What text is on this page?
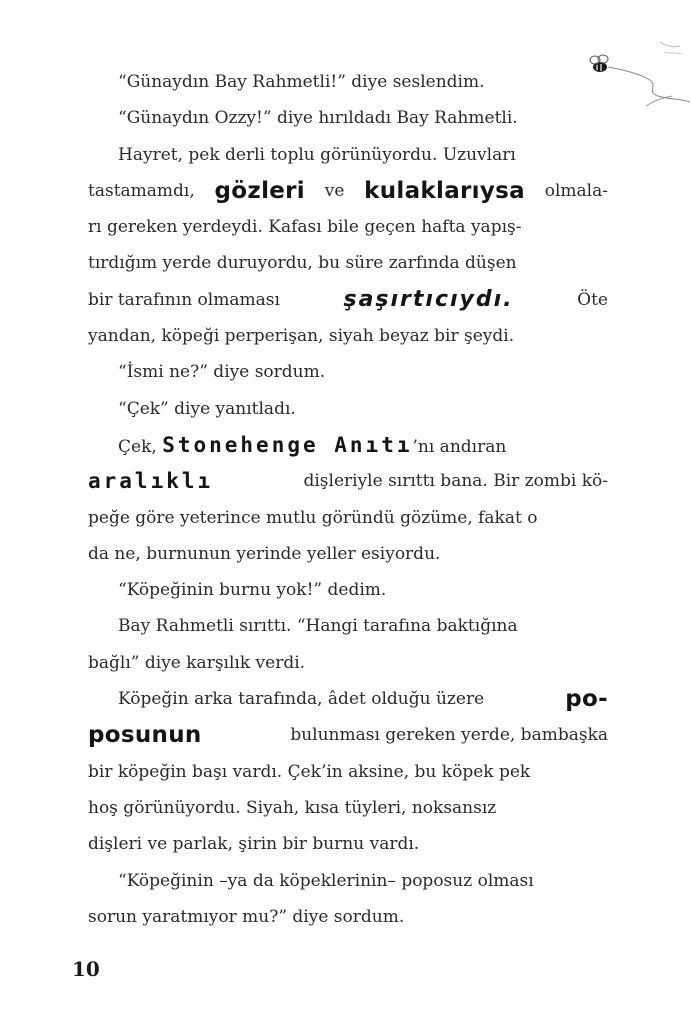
“Günaydın Bay Rahmetli!” diye seslendim.
“Günaydın Ozzy!” diye hırıldadı Bay Rahmetli.
Hayret, pek derli toplu görünüyordu. Uzuvları
tastamamdı, gözleri ve kulaklarıysa olmala-
rı gereken yerdeydi. Kafası bile geçen hafta yapış-
tırdığım yerde duruyordu, bu süre zarfında düşen
bir tarafının olmaması	şaşırtıcıydı.	Öte
yandan, köpeği perperişan, siyah beyaz bir şeydi.
“İsmi ne?” diye sordum.
“Çek” diye yanıtladı.
Çek, Stonehenge Anıtı’nı andıran
aralıklı	dişleriyle sırıttı bana. Bir zombi kö-
peğe göre yeterince mutlu göründü gözüme, fakat o
da ne, burnunun yerinde yeller esiyordu.
“Köpeğinin burnu yok!” dedim.
Bay Rahmetli sırıttı. “Hangi tarafına baktığına
bağlı” diye karşılık verdi.
Köpeğin arka tarafında, âdet olduğu üzere	po-
posunun	bulunması gereken yerde, bambaşka
bir köpeğin başı vardı. Çek’in aksine, bu köpek pek
hoş görünüyordu. Siyah, kısa tüyleri, noksansız
dişleri ve parlak, şirin bir burnu vardı.
“Köpeğinin –ya da köpeklerinin– poposuz olması
sorun yaratmıyor mu?” diye sordum.
10
